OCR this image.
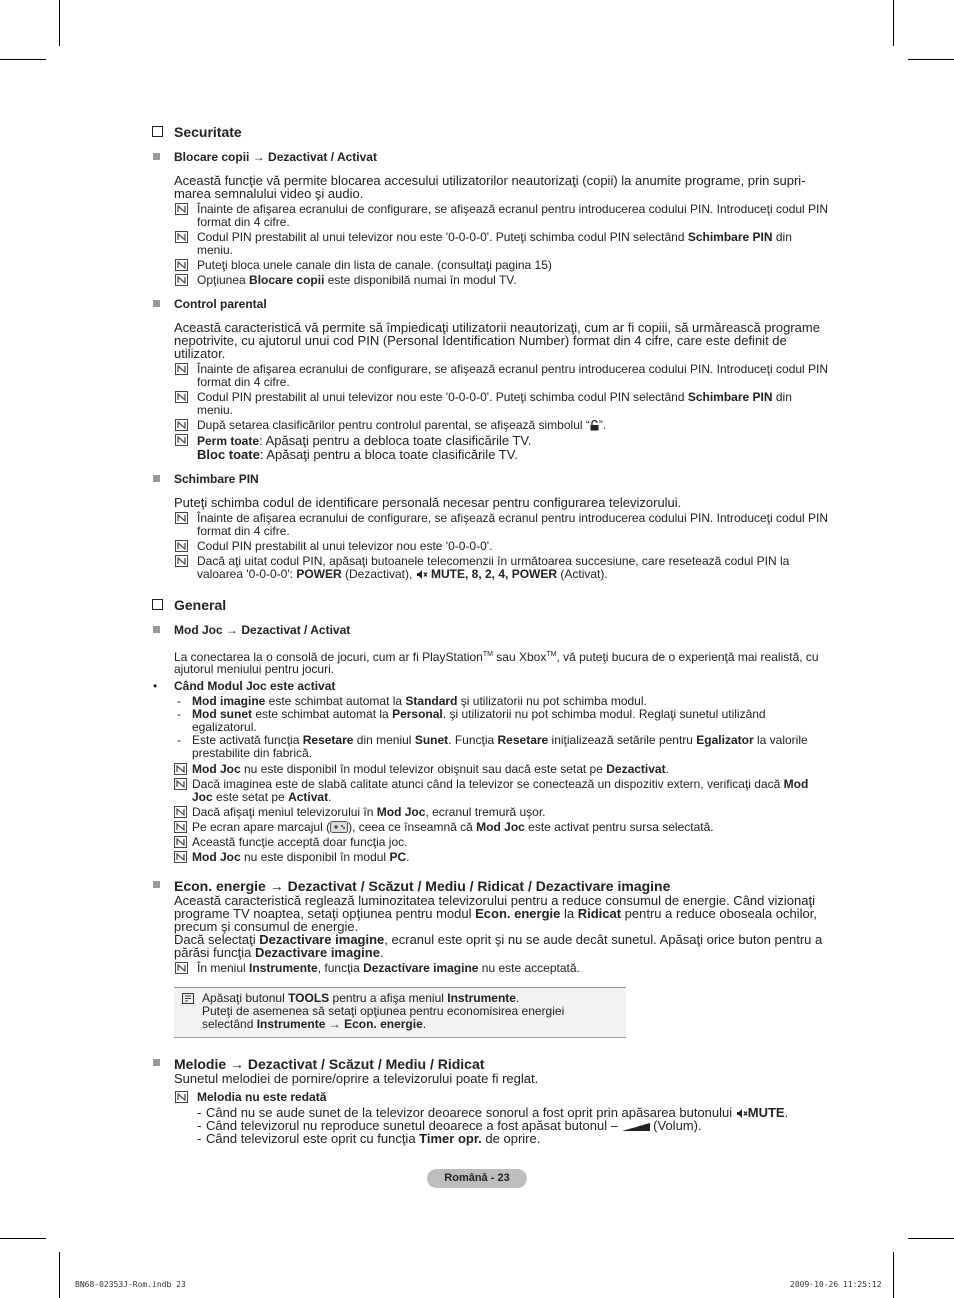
Securitate
Blocare copii → Dezactivat / Activat

Această funcţie vă permite blocarea accesului utilizatorilor neautorizaţi (copii) la anumite programe, prin suprimarea semnalului video şi audio.

Înainte de afişarea ecranului de configurare, se afişează ecranul pentru introducerea codului PIN. Introduceţi codul PIN format din 4 cifre.
Codul PIN prestabilit al unui televizor nou este '0-0-0-0'. Puteţi schimba codul PIN selectând Schimbare PIN din meniu.
Puteţi bloca unele canale din lista de canale. (consultaţi pagina 15)
Opţiunea Blocare copii este disponibilă numai în modul TV.
Control parental

Această caracteristică vă permite să împiedicaţi utilizatorii neautorizaţi, cum ar fi copiii, să urmărească programe nepotrivite, cu ajutorul unui cod PIN (Personal Identification Number) format din 4 cifre, care este definit de utilizator.

Înainte de afişarea ecranului de configurare, se afişează ecranul pentru introducerea codului PIN. Introduceţi codul PIN format din 4 cifre.
Codul PIN prestabilit al unui televizor nou este '0-0-0-0'. Puteţi schimba codul PIN selectând Schimbare PIN din meniu.
După setarea clasificărilor pentru controlul parental, se afişează simbolul “ ”.
Perm toate: Apăsaţi pentru a debloca toate clasificările TV.
Bloc toate: Apăsaţi pentru a bloca toate clasificările TV.
Schimbare PIN

Puteţi schimba codul de identificare personală necesar pentru configurarea televizorului.

Înainte de afişarea ecranului de configurare, se afişează ecranul pentru introducerea codului PIN. Introduceţi codul PIN format din 4 cifre.
Codul PIN prestabilit al unui televizor nou este '0-0-0-0'.
Dacă aţi uitat codul PIN, apăsaţi butoanele telecomenzii în următoarea succesiune, care resetează codul PIN la valoarea '0-0-0-0': POWER (Dezactivat),  MUTE, 8, 2, 4, POWER (Activat).
General
Mod Joc → Dezactivat / Activat

La conectarea la o consolă de jocuri, cum ar fi PlayStation™ sau Xbox™, vă puteţi bucura de o experienţă mai realistă, cu ajutorul meniului pentru jocuri.

• Când Modul Joc este activat
- Mod imagine este schimbat automat la Standard şi utilizatorii nu pot schimba modul.
- Mod sunet este schimbat automat la Personal. şi utilizatorii nu pot schimba modul. Reglaţi sunetul utilizând egalizatorul.
- Este activată funcţia Resetare din meniul Sunet. Funcţia Resetare iniţializează setările pentru Egalizator la valorile prestabilite din fabrică.
Mod Joc nu este disponibil în modul televizor obişnuit sau dacă este setat pe Dezactivat.
Dacă imaginea este de slabă calitate atunci când la televizor se conectează un dispozitiv extern, verificaţi dacă Mod Joc este setat pe Activat.
Dacă afişaţi meniul televizorului în Mod Joc, ecranul tremură uşor.
Pe ecran apare marcajul ( ), ceea ce înseamnă că Mod Joc este activat pentru sursa selectată.
Această funcţie acceptă doar funcţia joc.
Mod Joc nu este disponibil în modul PC.
Econ. energie → Dezactivat / Scăzut / Mediu / Ridicat / Dezactivare imagine

Această caracteristică reglează luminozitatea televizorului pentru a reduce consumul de energie. Când vizionaţi programe TV noaptea, setaţi opţiunea pentru modul Econ. energie la Ridicat pentru a reduce oboseala ochilor, precum şi consumul de energie.

Dacă selectaţi Dezactivare imagine, ecranul este oprit şi nu se aude decât sunetul. Apăsaţi orice buton pentru a părăsi funcţia Dezactivare imagine.

În meniul Instrumente, funcţia Dezactivare imagine nu este acceptată.
Apăsaţi butonul TOOLS pentru a afişa meniul Instrumente.
Puteţi de asemenea să setaţi opţiunea pentru economisirea energiei
selectând Instrumente → Econ. energie.
Melodie → Dezactivat / Scăzut / Mediu / Ridicat

Sunetul melodiei de pornire/oprire a televizorului poate fi reglat.

Melodia nu este redată
- Când nu se aude sunet de la televizor deoarece sonorul a fost oprit prin apăsarea butonului MUTE.
- Când televizorul nu reproduce sunetul deoarece a fost apăsat butonul –  (Volum).
- Când televizorul este oprit cu funcţia Timer opr. de oprire.
Română - 23
BN68-02353J-Rom.indb 23	2009-10-26 11:25:12
